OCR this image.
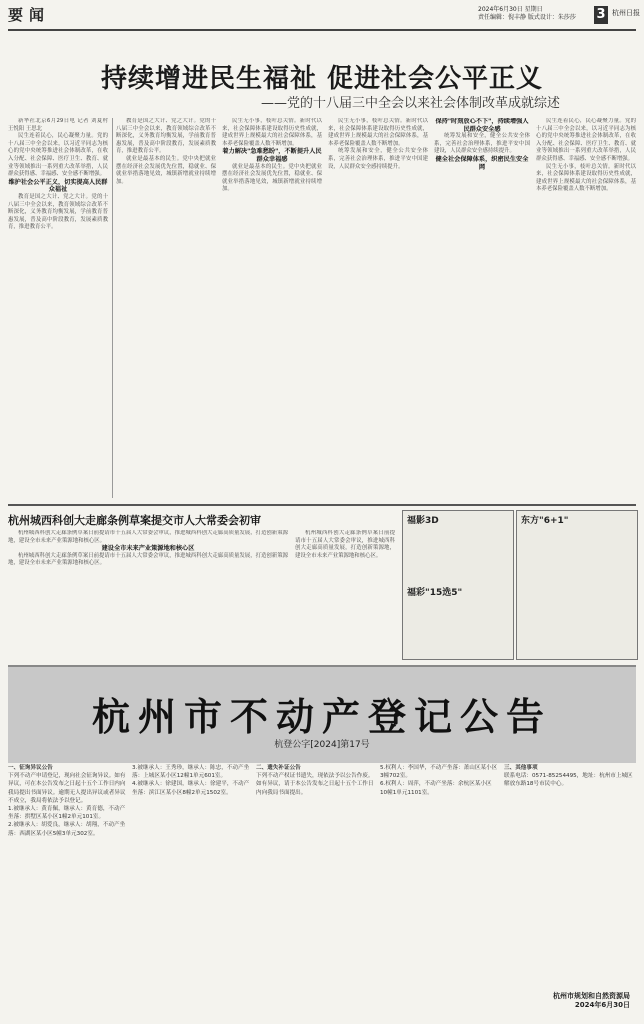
要闻	2024年6月30日 星期日
责任编辑：倪丰静 版式设计：朱莎莎	3 杭州日报
持续增进民生福祉 促进社会公平正义
——党的十八届三中全会以来社会体制改革成就综述

新华社北京6月29日电 记者 刘夏村 王悦阳 王思北

民生连着民心，民心凝聚力量。党的十八届三中全会以来，以习近平同志为核心的党中央统筹推进社会体制改革，在收入分配、社会保障、医疗卫生、教育、就业等领域推出一系列重大改革举措，人民群众获得感、幸福感、安全感不断增强。

维护社会公平正义，切实提高人民群众福祉

教育是国之大计、党之大计。党的十八届三中全会以来，教育领域综合改革不断深化，义务教育均衡发展，学前教育普惠发展，普及高中阶段教育，发展素质教育，推进教育公平。

教育是国之大计、党之大计。党的十八届三中全会以来，教育领域综合改革不断深化，义务教育均衡发展，学前教育普惠发展，普及高中阶段教育，发展素质教育，推进教育公平。

就业是最基本的民生。党中央把就业摆在经济社会发展优先位置，稳就业、保就业举措落地见效，城镇新增就业持续增加。

民生无小事，枝叶总关情。新时代以来，社会保障体系建设取得历史性成就，建成世界上规模最大的社会保障体系，基本养老保险覆盖人数不断增加。

着力解决"急难愁盼"，不断提升人民群众幸福感

就业是最基本的民生。党中央把就业摆在经济社会发展优先位置，稳就业、保就业举措落地见效，城镇新增就业持续增加。

民生无小事，枝叶总关情。新时代以来，社会保障体系建设取得历史性成就，建成世界上规模最大的社会保障体系，基本养老保险覆盖人数不断增加。

统筹发展和安全，健全公共安全体系，完善社会治理体系，推进平安中国建设，人民群众安全感持续提升。

保持"时刻放心不下"，持续增强人民群众安全感

统筹发展和安全，健全公共安全体系，完善社会治理体系，推进平安中国建设，人民群众安全感持续提升。

健全社会保障体系，织密民生安全网

民生连着民心，民心凝聚力量。党的十八届三中全会以来，以习近平同志为核心的党中央统筹推进社会体制改革，在收入分配、社会保障、医疗卫生、教育、就业等领域推出一系列重大改革举措，人民群众获得感、幸福感、安全感不断增强。

民生无小事，枝叶总关情。新时代以来，社会保障体系建设取得历史性成就，建成世界上规模最大的社会保障体系，基本养老保险覆盖人数不断增加。

杭州城西科创大走廊条例草案提交市人大常委会初审

杭州城西科创大走廊条例草案日前提请市十五届人大常委会审议，推进城西科创大走廊高质量发展，打造创新策源地，建设全市未来产业策源地和核心区。

建设全市未来产业策源地和核心区

杭州城西科创大走廊条例草案日前提请市十五届人大常委会审议，推进城西科创大走廊高质量发展，打造创新策源地，建设全市未来产业策源地和核心区。

杭州城西科创大走廊条例草案日前提请市十五届人大常委会审议，推进城西科创大走廊高质量发展，打造创新策源地，建设全市未来产业策源地和核心区。

福影3D
福彩"15选5"
东方"6+1"
杭州市不动产登记公告
杭登公字[2024]第17号

一、征询异议公告

下列不动产申请登记，现向社会征询异议。如有异议，可在本公告发布之日起十五个工作日内向我局提出书面异议。逾期无人提出异议或者异议不成立，我局将依法予以登记。

1.被继承人：黄育佩，继承人：黄育德，不动产坐落：拱墅区某小区1幢2单元101室。

2.被继承人：胡爱良，继承人：胡翔，不动产坐落：西湖区某小区5幢3单元302室。

3.被继承人：王秀珍，继承人：陈忠，不动产坐落：上城区某小区12幢1单元601室。

4.被继承人：徐建国，继承人：徐建平，不动产坐落：滨江区某小区8幢2单元1502室。

二、遗失补证公告

下列不动产权证书遗失，现依法予以公告作废。如有异议，请于本公告发布之日起十五个工作日内向我局书面提出。

5.权利人：李国华，不动产坐落：萧山区某小区3幢702室。

6.权利人：周萍，不动产坐落：余杭区某小区10幢1单元1101室。

三、其他事项

联系电话：0571-85254495，地址：杭州市上城区解放东路18号市民中心。

杭州市规划和自然资源局
2024年6月30日
